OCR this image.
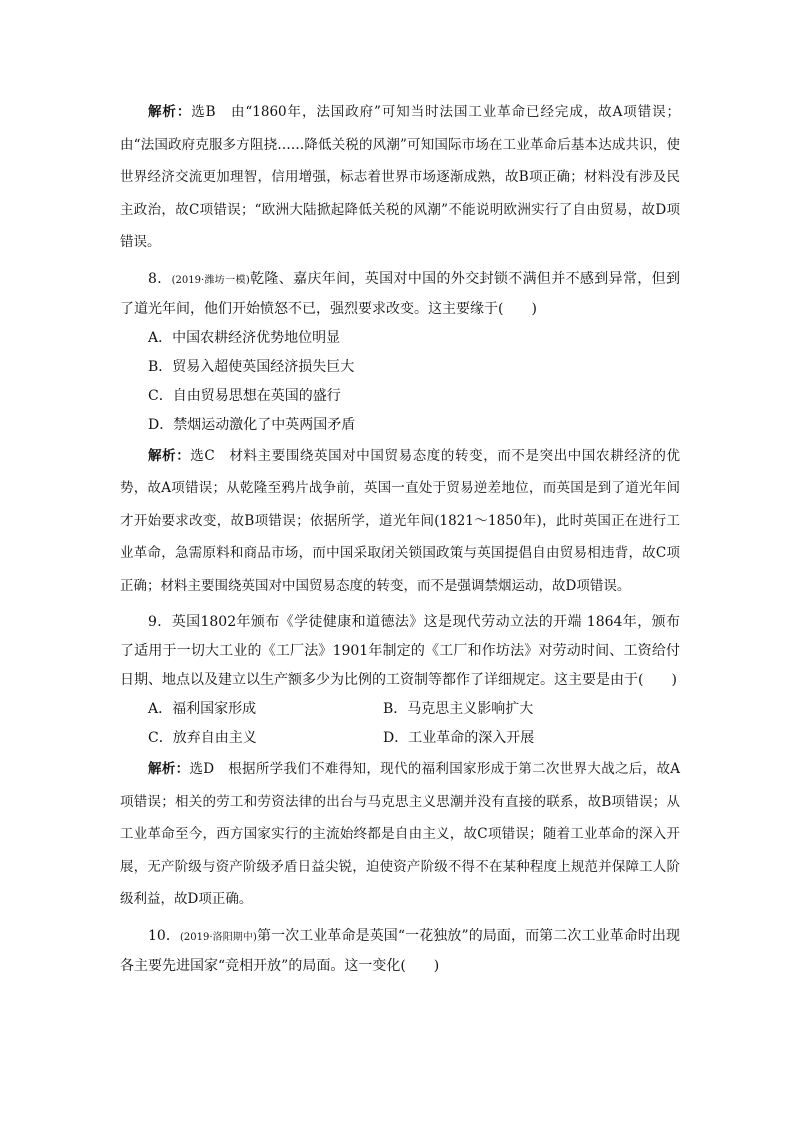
解析：选B　由“1860年，法国政府”可知当时法国工业革命已经完成，故A项错误；由“法国政府克服多方阻挠……降低关税的风潮”可知国际市场在工业革命后基本达成共识，使世界经济交流更加理智，信用增强，标志着世界市场逐渐成熟，故B项正确；材料没有涉及民主政治，故C项错误；“欧洲大陆掀起降低关税的风潮”不能说明欧洲实行了自由贸易，故D项错误。

8．(2019·潍坊一模)乾隆、嘉庆年间，英国对中国的外交封锁不满但并不感到异常，但到了道光年间，他们开始愤怒不已，强烈要求改变。这主要缘于(　　)

A．中国农耕经济优势地位明显

B．贸易入超使英国经济损失巨大

C．自由贸易思想在英国的盛行

D．禁烟运动激化了中英两国矛盾

解析：选C　材料主要围绕英国对中国贸易态度的转变，而不是突出中国农耕经济的优势，故A项错误；从乾隆至鸦片战争前，英国一直处于贸易逆差地位，而英国是到了道光年间才开始要求改变，故B项错误；依据所学，道光年间(1821～1850年)，此时英国正在进行工业革命，急需原料和商品市场，而中国采取闭关锁国政策与英国提倡自由贸易相违背，故C项正确；材料主要围绕英国对中国贸易态度的转变，而不是强调禁烟运动，故D项错误。

9．英国1802年颁布《学徒健康和道德法》这是现代劳动立法的开端 1864年，颁布了适用于一切大工业的《工厂法》1901年制定的《工厂和作坊法》对劳动时间、工资给付日期、地点以及建立以生产额多少为比例的工资制等都作了详细规定。这主要是由于(　　)

A．福利国家形成	B．马克思主义影响扩大
C．放弃自由主义	D．工业革命的深入开展

解析：选D　根据所学我们不难得知，现代的福利国家形成于第二次世界大战之后，故A项错误；相关的劳工和劳资法律的出台与马克思主义思潮并没有直接的联系，故B项错误；从工业革命至今，西方国家实行的主流始终都是自由主义，故C项错误；随着工业革命的深入开展，无产阶级与资产阶级矛盾日益尖锐，迫使资产阶级不得不在某种程度上规范并保障工人阶级利益，故D项正确。

10．(2019·洛阳期中)第一次工业革命是英国“一花独放”的局面，而第二次工业革命时出现各主要先进国家“竞相开放”的局面。这一变化(　　)
